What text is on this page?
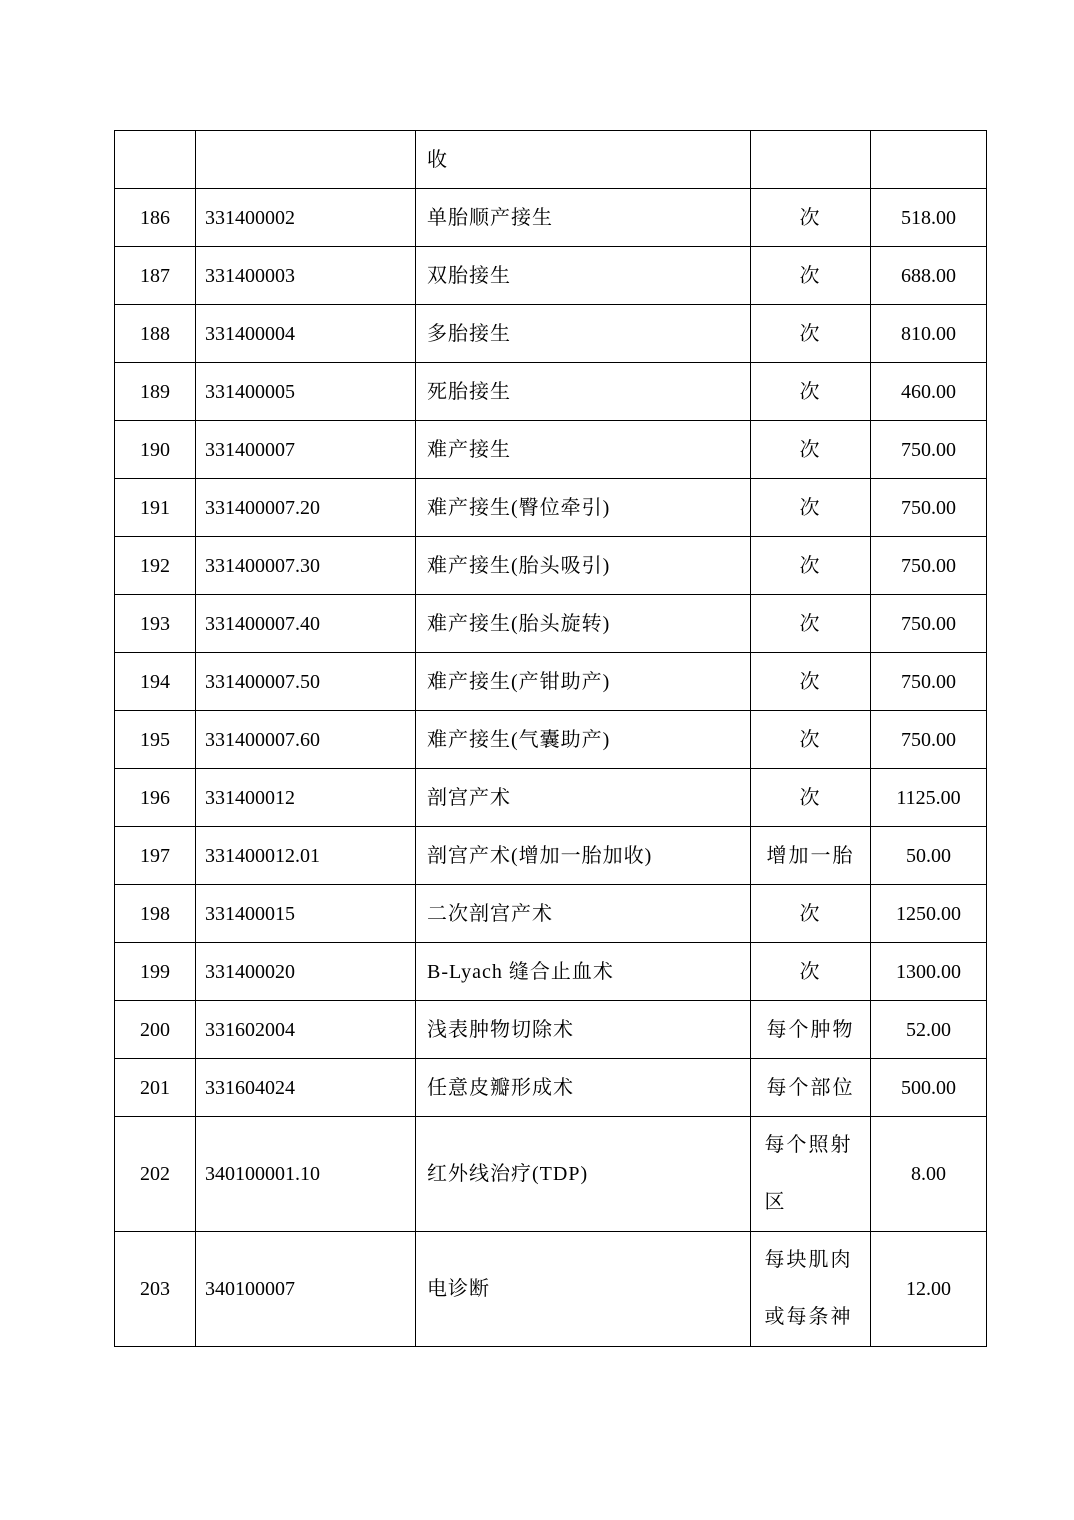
		收		
186	331400002	单胎顺产接生	次	518.00
187	331400003	双胎接生	次	688.00
188	331400004	多胎接生	次	810.00
189	331400005	死胎接生	次	460.00
190	331400007	难产接生	次	750.00
191	331400007.20	难产接生(臀位牵引)	次	750.00
192	331400007.30	难产接生(胎头吸引)	次	750.00
193	331400007.40	难产接生(胎头旋转)	次	750.00
194	331400007.50	难产接生(产钳助产)	次	750.00
195	331400007.60	难产接生(气囊助产)	次	750.00
196	331400012	剖宫产术	次	1125.00
197	331400012.01	剖宫产术(增加一胎加收)	增加一胎	50.00
198	331400015	二次剖宫产术	次	1250.00
199	331400020	B-Lyach 缝合止血术	次	1300.00
200	331602004	浅表肿物切除术	每个肿物	52.00
201	331604024	任意皮瓣形成术	每个部位	500.00
202	340100001.10	红外线治疗(TDP)	每个照射区	8.00
203	340100007	电诊断	每块肌肉或每条神	12.00
